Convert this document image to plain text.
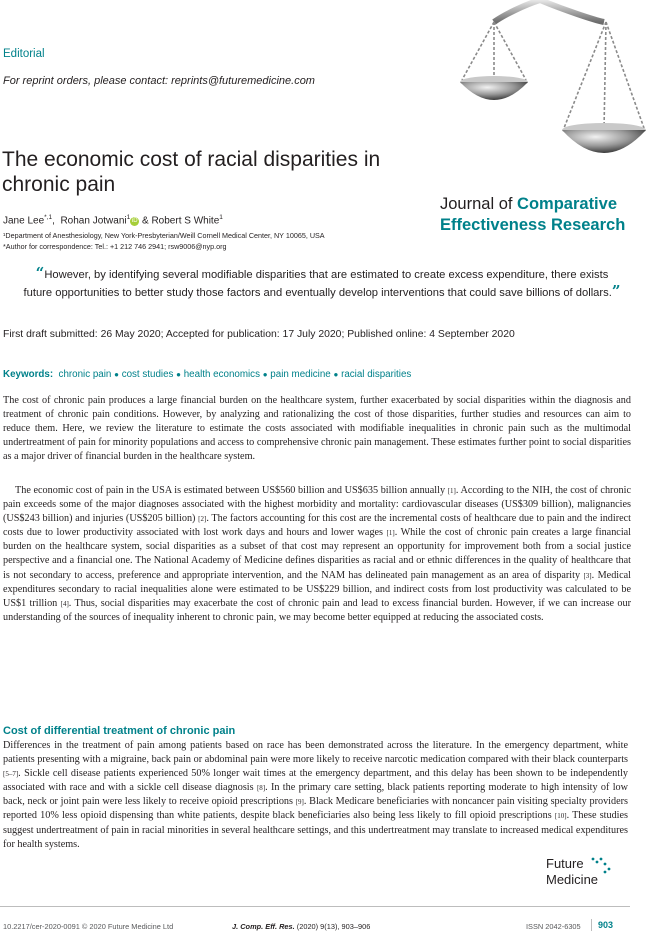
Editorial
For reprint orders, please contact: reprints@futuremedicine.com
The economic cost of racial disparities in chronic pain
Journal of Comparative
Effectiveness Research
Jane Lee$^{*,1}$,  Rohan Jotwani$^1$iD & Robert S White$^1$
¹Department of Anesthesiology, New York-Presbyterian/Weill Cornell Medical Center, NY 10065, USA
*Author for correspondence: Tel.: +1 212 746 2941; rsw9006@nyp.org
“However, by identifying several modifiable disparities that are estimated to create excess expenditure, there exists future opportunities to better study those factors and eventually develop interventions that could save billions of dollars.”
First draft submitted: 26 May 2020; Accepted for publication: 17 July 2020; Published online: 4 September 2020
Keywords: chronic pain ● cost studies ● health economics ● pain medicine ● racial disparities

The cost of chronic pain produces a large financial burden on the healthcare system, further exacerbated by social disparities within the diagnosis and treatment of chronic pain conditions. However, by analyzing and rationalizing the cost of those disparities, further studies and resources can aim to reduce them. Here, we review the literature to estimate the costs associated with modifiable inequalities in chronic pain such as the multimodal undertreatment of pain for minority populations and access to comprehensive chronic pain management. These estimates further point to social disparities as a major driver of financial burden in the healthcare system.

The economic cost of pain in the USA is estimated between US$560 billion and US$635 billion annually [1]. According to the NIH, the cost of chronic pain exceeds some of the major diagnoses associated with the highest morbidity and mortality: cardiovascular diseases (US$309 billion), malignancies (US$243 billion) and injuries (US$205 billion) [2]. The factors accounting for this cost are the incremental costs of healthcare due to pain and the indirect costs due to lower productivity associated with lost work days and hours and lower wages [1]. While the cost of chronic pain creates a large financial burden on the healthcare system, social disparities as a subset of that cost may represent an opportunity for improvement both from a social justice perspective and a financial one. The National Academy of Medicine defines disparities as racial and or ethnic differences in the quality of healthcare that is not secondary to access, preference and appropriate intervention, and the NAM has delineated pain management as an area of disparity [3]. Medical expenditures secondary to racial inequalities alone were estimated to be US$229 billion, and indirect costs from lost productivity was calculated to be US$1 trillion [4]. Thus, social disparities may exacerbate the cost of chronic pain and lead to excess financial burden. However, if we can increase our understanding of the sources of inequality inherent to chronic pain, we may become better equipped at reducing the associated costs.

Cost of differential treatment of chronic pain

Differences in the treatment of pain among patients based on race has been demonstrated across the literature. In the emergency department, white patients presenting with a migraine, back pain or abdominal pain were more likely to receive narcotic medication compared with their black counterparts [5–7]. Sickle cell disease patients experienced 50% longer wait times at the emergency department, and this delay has been shown to be independently associated with race and with a sickle cell disease diagnosis [8]. In the primary care setting, black patients reporting moderate to high intensity of low back, neck or joint pain were less likely to receive opioid prescriptions [9]. Black Medicare beneficiaries with noncancer pain visiting specialty providers reported 10% less opioid dispensing than white patients, despite black beneficiaries also being less likely to fill opioid prescriptions [10]. These studies suggest undertreatment of pain in racial minorities in several healthcare settings, and this undertreatment may translate to increased medical expenditures for health systems.

Future
Medicine
10.2217/cer-2020-0091 © 2020 Future Medicine Ltd	J. Comp. Eff. Res. (2020) 9(13), 903–906	ISSN 2042-6305 903
